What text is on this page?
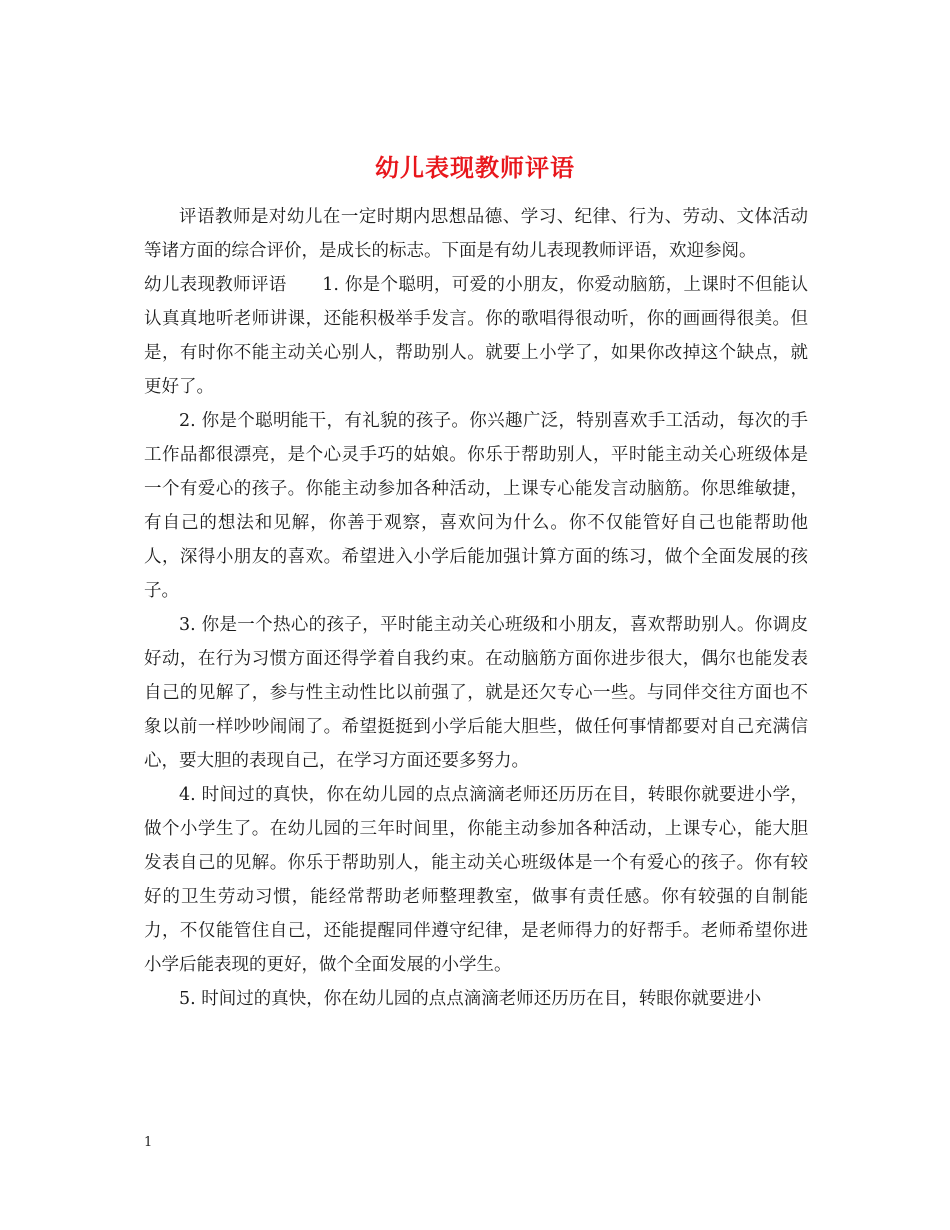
幼儿表现教师评语

评语教师是对幼儿在一定时期内思想品德、学习、纪律、行为、劳动、文体活动等诸方面的综合评价，是成长的标志。下面是有幼儿表现教师评语，欢迎参阅。

幼儿表现教师评语　　1. 你是个聪明，可爱的小朋友，你爱动脑筋，上课时不但能认认真真地听老师讲课，还能积极举手发言。你的歌唱得很动听，你的画画得很美。但是，有时你不能主动关心别人，帮助别人。就要上小学了，如果你改掉这个缺点，就更好了。

2. 你是个聪明能干，有礼貌的孩子。你兴趣广泛，特别喜欢手工活动，每次的手工作品都很漂亮，是个心灵手巧的姑娘。你乐于帮助别人，平时能主动关心班级体是一个有爱心的孩子。你能主动参加各种活动，上课专心能发言动脑筋。你思维敏捷，有自己的想法和见解，你善于观察，喜欢问为什么。你不仅能管好自己也能帮助他人，深得小朋友的喜欢。希望进入小学后能加强计算方面的练习，做个全面发展的孩子。

3. 你是一个热心的孩子，平时能主动关心班级和小朋友，喜欢帮助别人。你调皮好动，在行为习惯方面还得学着自我约束。在动脑筋方面你进步很大，偶尔也能发表自己的见解了，参与性主动性比以前强了，就是还欠专心一些。与同伴交往方面也不象以前一样吵吵闹闹了。希望挺挺到小学后能大胆些，做任何事情都要对自己充满信心，要大胆的表现自己，在学习方面还要多努力。

4. 时间过的真快，你在幼儿园的点点滴滴老师还历历在目，转眼你就要进小学，做个小学生了。在幼儿园的三年时间里，你能主动参加各种活动，上课专心，能大胆发表自己的见解。你乐于帮助别人，能主动关心班级体是一个有爱心的孩子。你有较好的卫生劳动习惯，能经常帮助老师整理教室，做事有责任感。你有较强的自制能力，不仅能管住自己，还能提醒同伴遵守纪律，是老师得力的好帮手。老师希望你进小学后能表现的更好，做个全面发展的小学生。

5. 时间过的真快，你在幼儿园的点点滴滴老师还历历在目，转眼你就要进小

1
